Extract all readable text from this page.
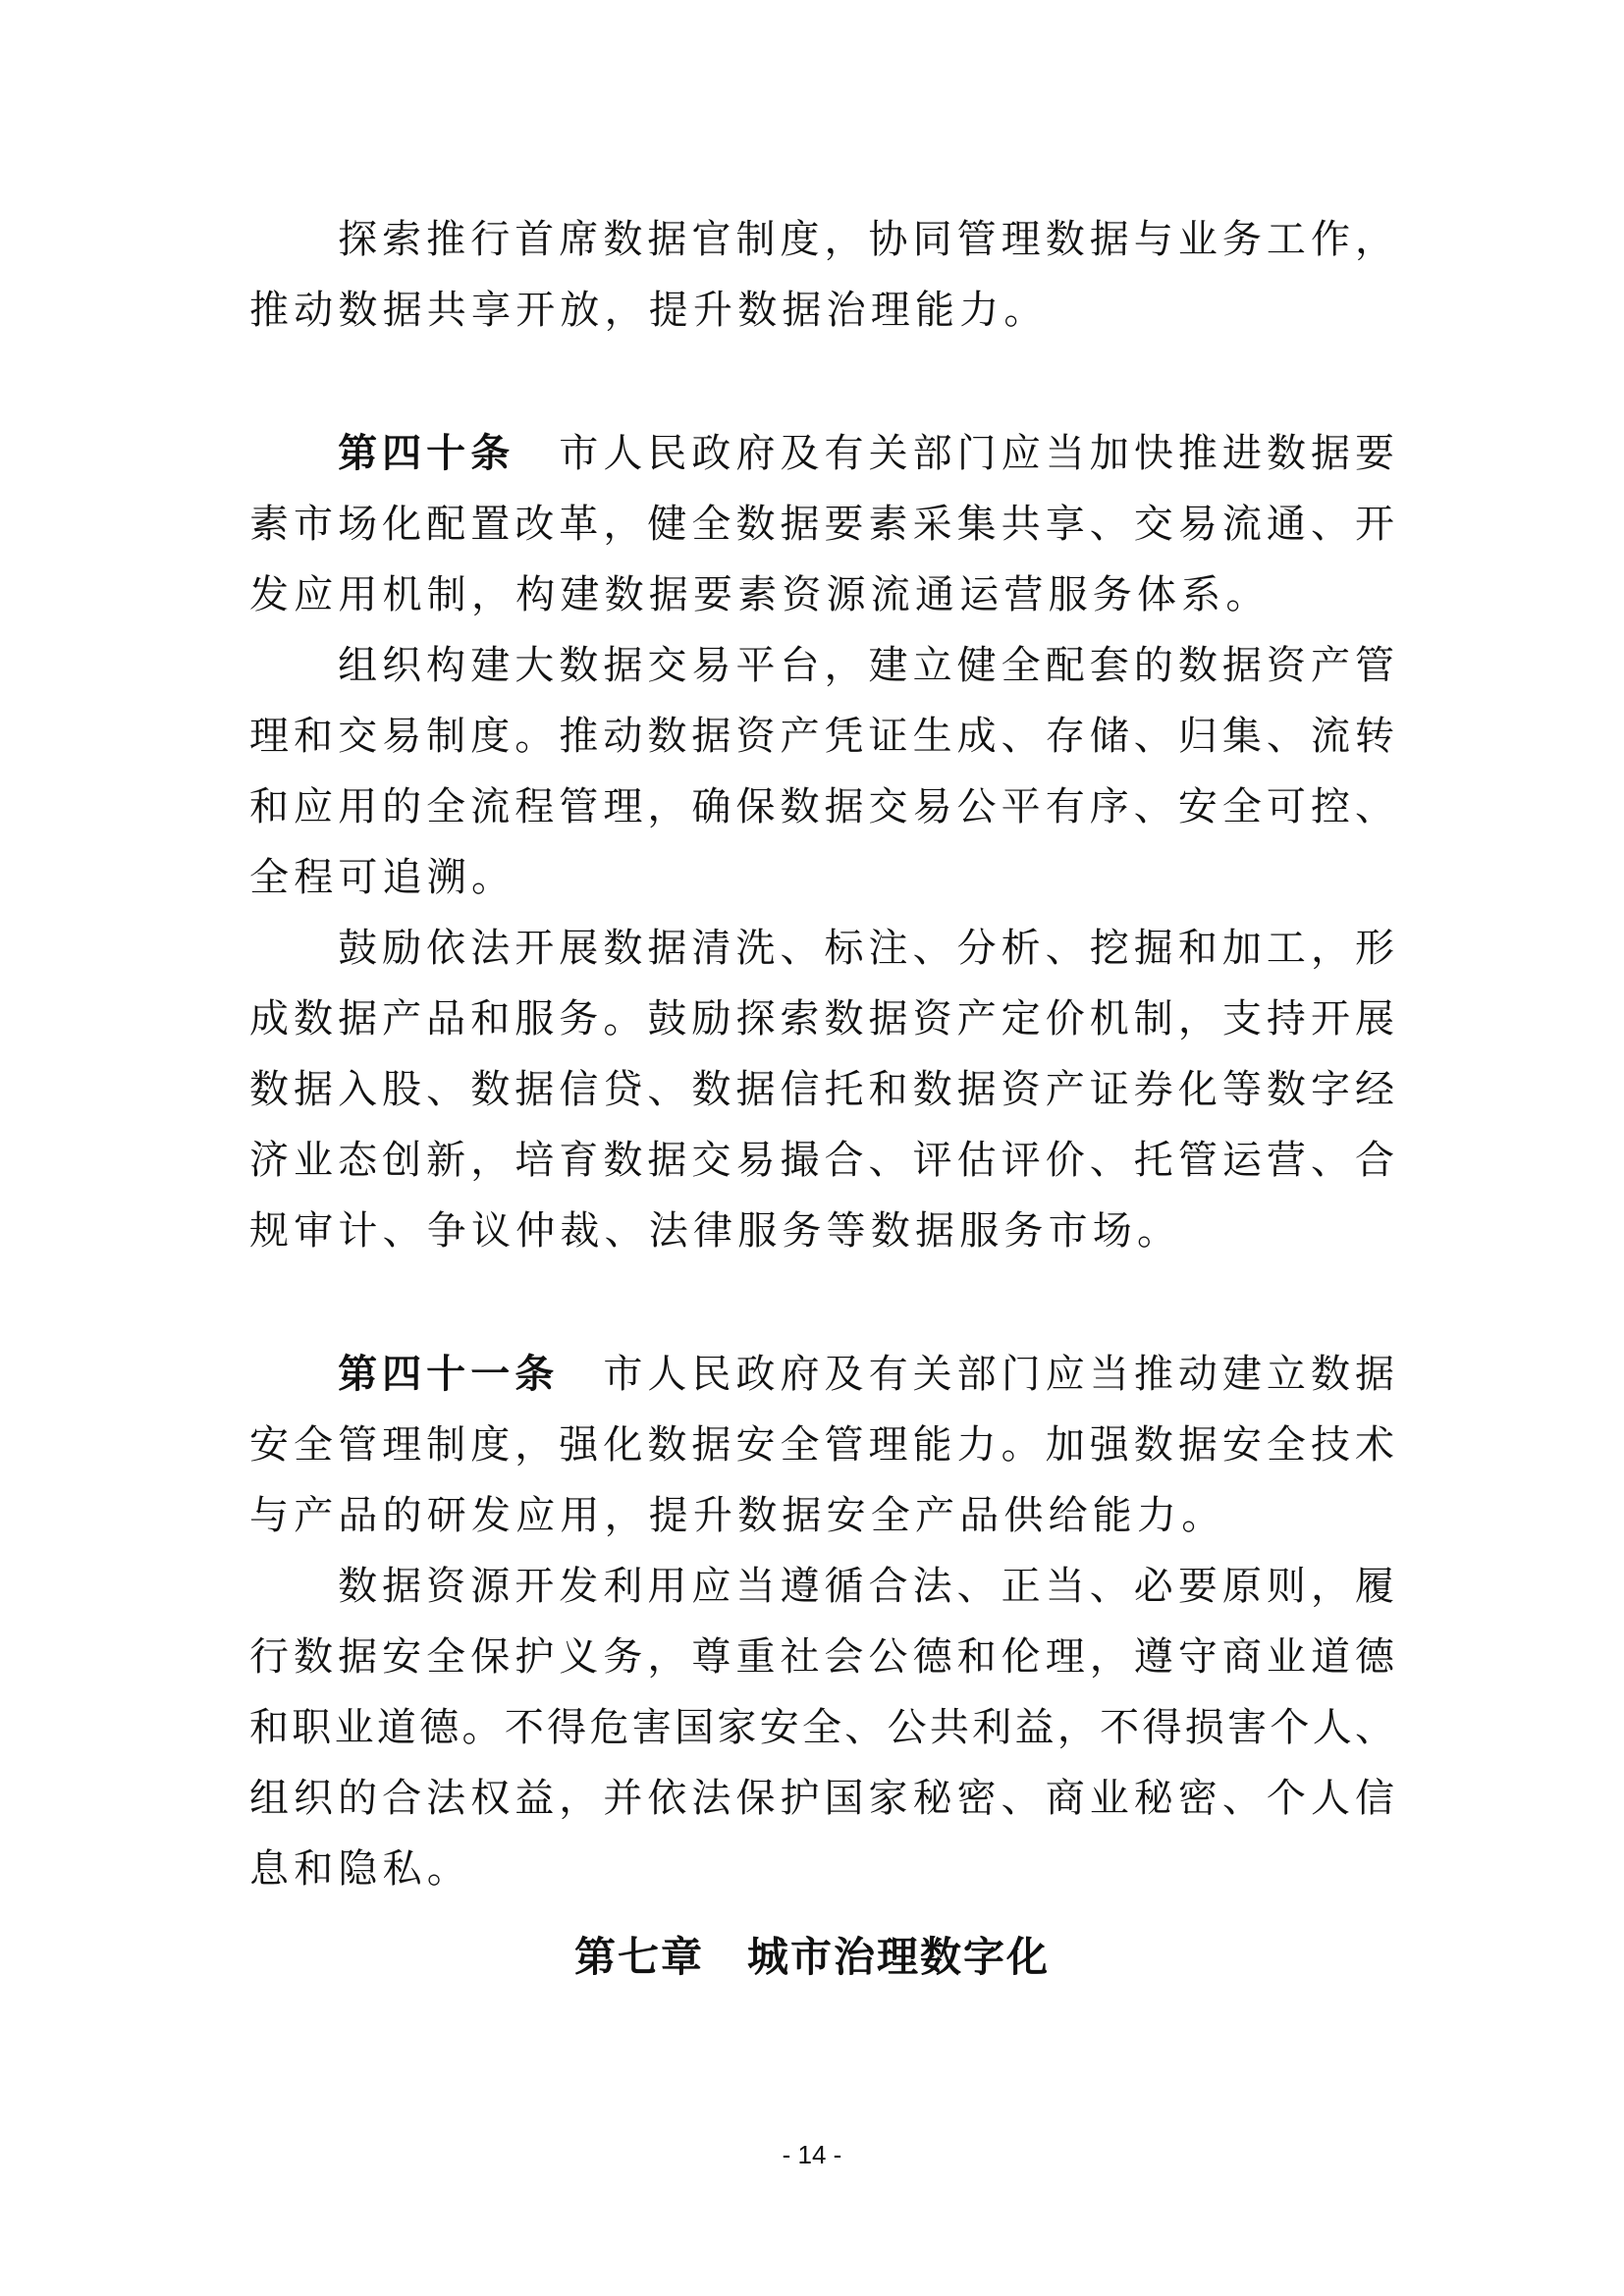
　　探索推行首席数据官制度，协同管理数据与业务工作，
推动数据共享开放，提升数据治理能力。
　　第四十条　市人民政府及有关部门应当加快推进数据要
素市场化配置改革，健全数据要素采集共享、交易流通、开
发应用机制，构建数据要素资源流通运营服务体系。
　　组织构建大数据交易平台，建立健全配套的数据资产管
理和交易制度。推动数据资产凭证生成、存储、归集、流转
和应用的全流程管理，确保数据交易公平有序、安全可控、
全程可追溯。
　　鼓励依法开展数据清洗、标注、分析、挖掘和加工，形
成数据产品和服务。鼓励探索数据资产定价机制，支持开展
数据入股、数据信贷、数据信托和数据资产证券化等数字经
济业态创新，培育数据交易撮合、评估评价、托管运营、合
规审计、争议仲裁、法律服务等数据服务市场。
　　第四十一条　市人民政府及有关部门应当推动建立数据
安全管理制度，强化数据安全管理能力。加强数据安全技术
与产品的研发应用，提升数据安全产品供给能力。
　　数据资源开发利用应当遵循合法、正当、必要原则，履
行数据安全保护义务，尊重社会公德和伦理，遵守商业道德
和职业道德。不得危害国家安全、公共利益，不得损害个人、
组织的合法权益，并依法保护国家秘密、商业秘密、个人信
息和隐私。
第七章　城市治理数字化
- 14 -
